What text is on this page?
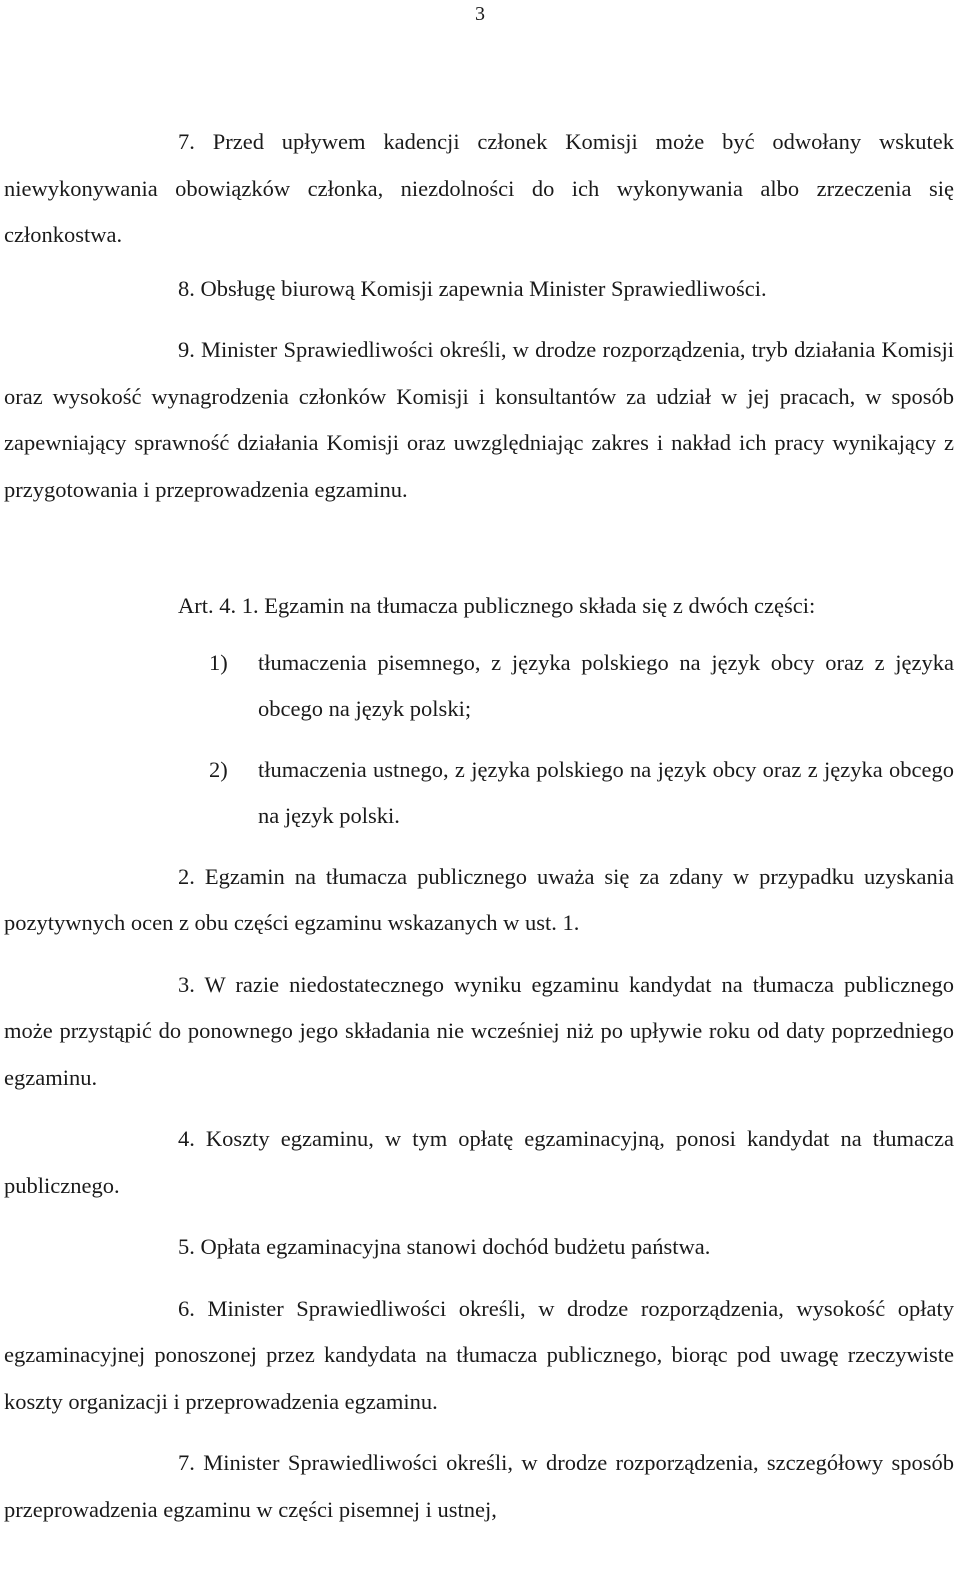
3

7. Przed upływem kadencji członek Komisji może być odwołany wskutek niewykonywania obowiązków członka, niezdolności do ich wykonywania albo zrzeczenia się członkostwa.

8. Obsługę biurową Komisji zapewnia Minister Sprawiedliwości.

9. Minister Sprawiedliwości określi, w drodze rozporządzenia, tryb działania Komisji oraz wysokość wynagrodzenia członków Komisji i konsultantów za udział w jej pracach, w sposób zapewniający sprawność działania Komisji oraz uwzględniając zakres i nakład ich pracy wynikający z przygotowania i przeprowadzenia egzaminu.

Art. 4. 1. Egzamin na tłumacza publicznego składa się z dwóch części:

1) tłumaczenia pisemnego, z języka polskiego na język obcy oraz z języka obcego na język polski;
2) tłumaczenia ustnego, z języka polskiego na język obcy oraz z języka obcego na język polski.

2. Egzamin na tłumacza publicznego uważa się za zdany w przypadku uzyskania pozytywnych ocen z obu części egzaminu wskazanych w ust. 1.

3. W razie niedostatecznego wyniku egzaminu kandydat na tłumacza publicznego może przystąpić do ponownego jego składania nie wcześniej niż po upływie roku od daty poprzedniego egzaminu.

4. Koszty egzaminu, w tym opłatę egzaminacyjną, ponosi kandydat na tłumacza publicznego.

5. Opłata egzaminacyjna stanowi dochód budżetu państwa.

6. Minister Sprawiedliwości określi, w drodze rozporządzenia, wysokość opłaty egzaminacyjnej ponoszonej przez kandydata na tłumacza publicznego, biorąc pod uwagę rzeczywiste koszty organizacji i przeprowadzenia egzaminu.

7. Minister Sprawiedliwości określi, w drodze rozporządzenia, szczegółowy sposób przeprowadzenia egzaminu w części pisemnej i ustnej,
